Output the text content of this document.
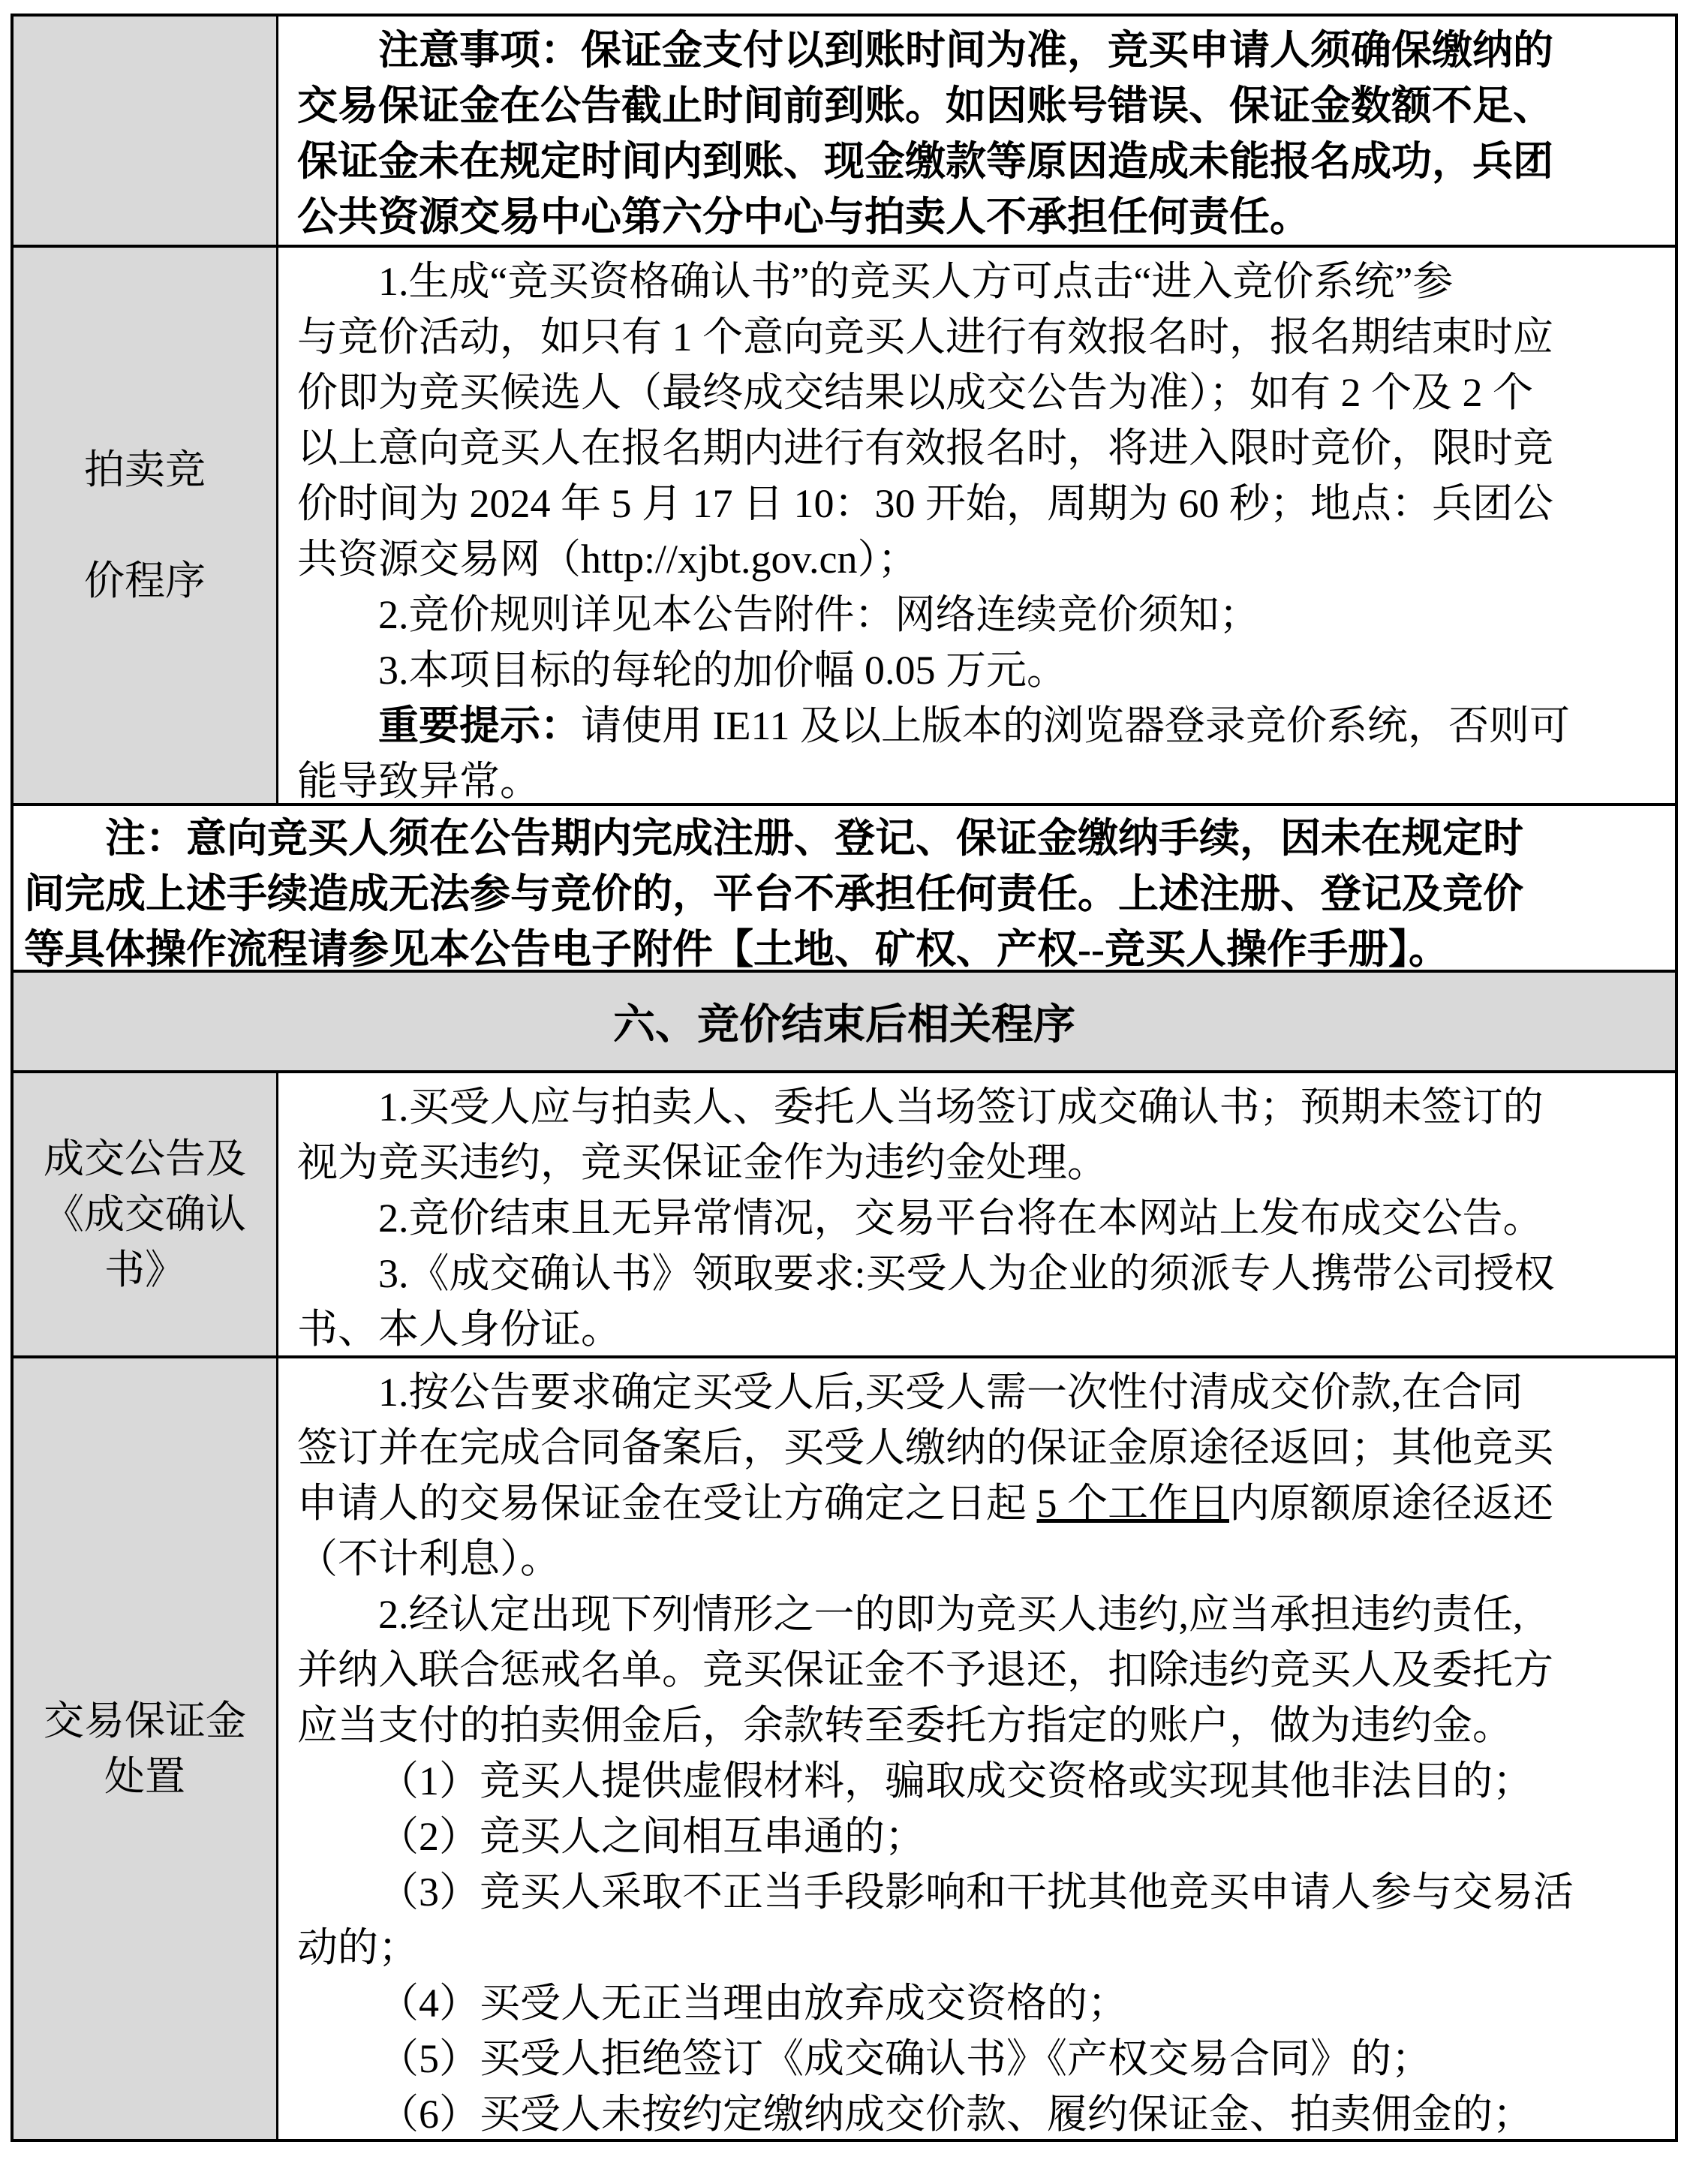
注意事项：保证金支付以到账时间为准，竞买申请人须确保缴纳的
交易保证金在公告截止时间前到账。如因账号错误、保证金数额不足、
保证金未在规定时间内到账、现金缴款等原因造成未能报名成功，兵团
公共资源交易中心第六分中心与拍卖人不承担任何责任。
拍卖竞

价程序
1.生成“竞买资格确认书”的竞买人方可点击“进入竞价系统”参
与竞价活动，如只有 1 个意向竞买人进行有效报名时，报名期结束时应
价即为竞买候选人（最终成交结果以成交公告为准）；如有 2 个及 2 个
以上意向竞买人在报名期内进行有效报名时，将进入限时竞价，限时竞
价时间为 2024 年 5 月 17 日 10：30 开始，周期为 60 秒；地点：兵团公
共资源交易网（http://xjbt.gov.cn）；
2.竞价规则详见本公告附件：网络连续竞价须知；
3.本项目标的每轮的加价幅 0.05 万元。
重要提示：请使用 IE11 及以上版本的浏览器登录竞价系统，否则可
能导致异常。
注：意向竞买人须在公告期内完成注册、登记、保证金缴纳手续，因未在规定时
间完成上述手续造成无法参与竞价的，平台不承担任何责任。上述注册、登记及竞价
等具体操作流程请参见本公告电子附件【土地、矿权、产权--竞买人操作手册】。
六、竞价结束后相关程序
成交公告及
《成交确认
书》
1.买受人应与拍卖人、委托人当场签订成交确认书；预期未签订的
视为竞买违约，竞买保证金作为违约金处理。
2.竞价结束且无异常情况，交易平台将在本网站上发布成交公告。
3.《成交确认书》领取要求:买受人为企业的须派专人携带公司授权
书、本人身份证。
交易保证金
处置
1.按公告要求确定买受人后,买受人需一次性付清成交价款,在合同
签订并在完成合同备案后，买受人缴纳的保证金原途径返回；其他竞买
申请人的交易保证金在受让方确定之日起 5 个工作日内原额原途径返还
（不计利息）。
2.经认定出现下列情形之一的即为竞买人违约,应当承担违约责任,
并纳入联合惩戒名单。竞买保证金不予退还，扣除违约竞买人及委托方
应当支付的拍卖佣金后，余款转至委托方指定的账户，做为违约金。
（1）竞买人提供虚假材料，骗取成交资格或实现其他非法目的；
（2）竞买人之间相互串通的；
（3）竞买人采取不正当手段影响和干扰其他竞买申请人参与交易活
动的；
（4）买受人无正当理由放弃成交资格的；
（5）买受人拒绝签订《成交确认书》《产权交易合同》的；
（6）买受人未按约定缴纳成交价款、履约保证金、拍卖佣金的；
